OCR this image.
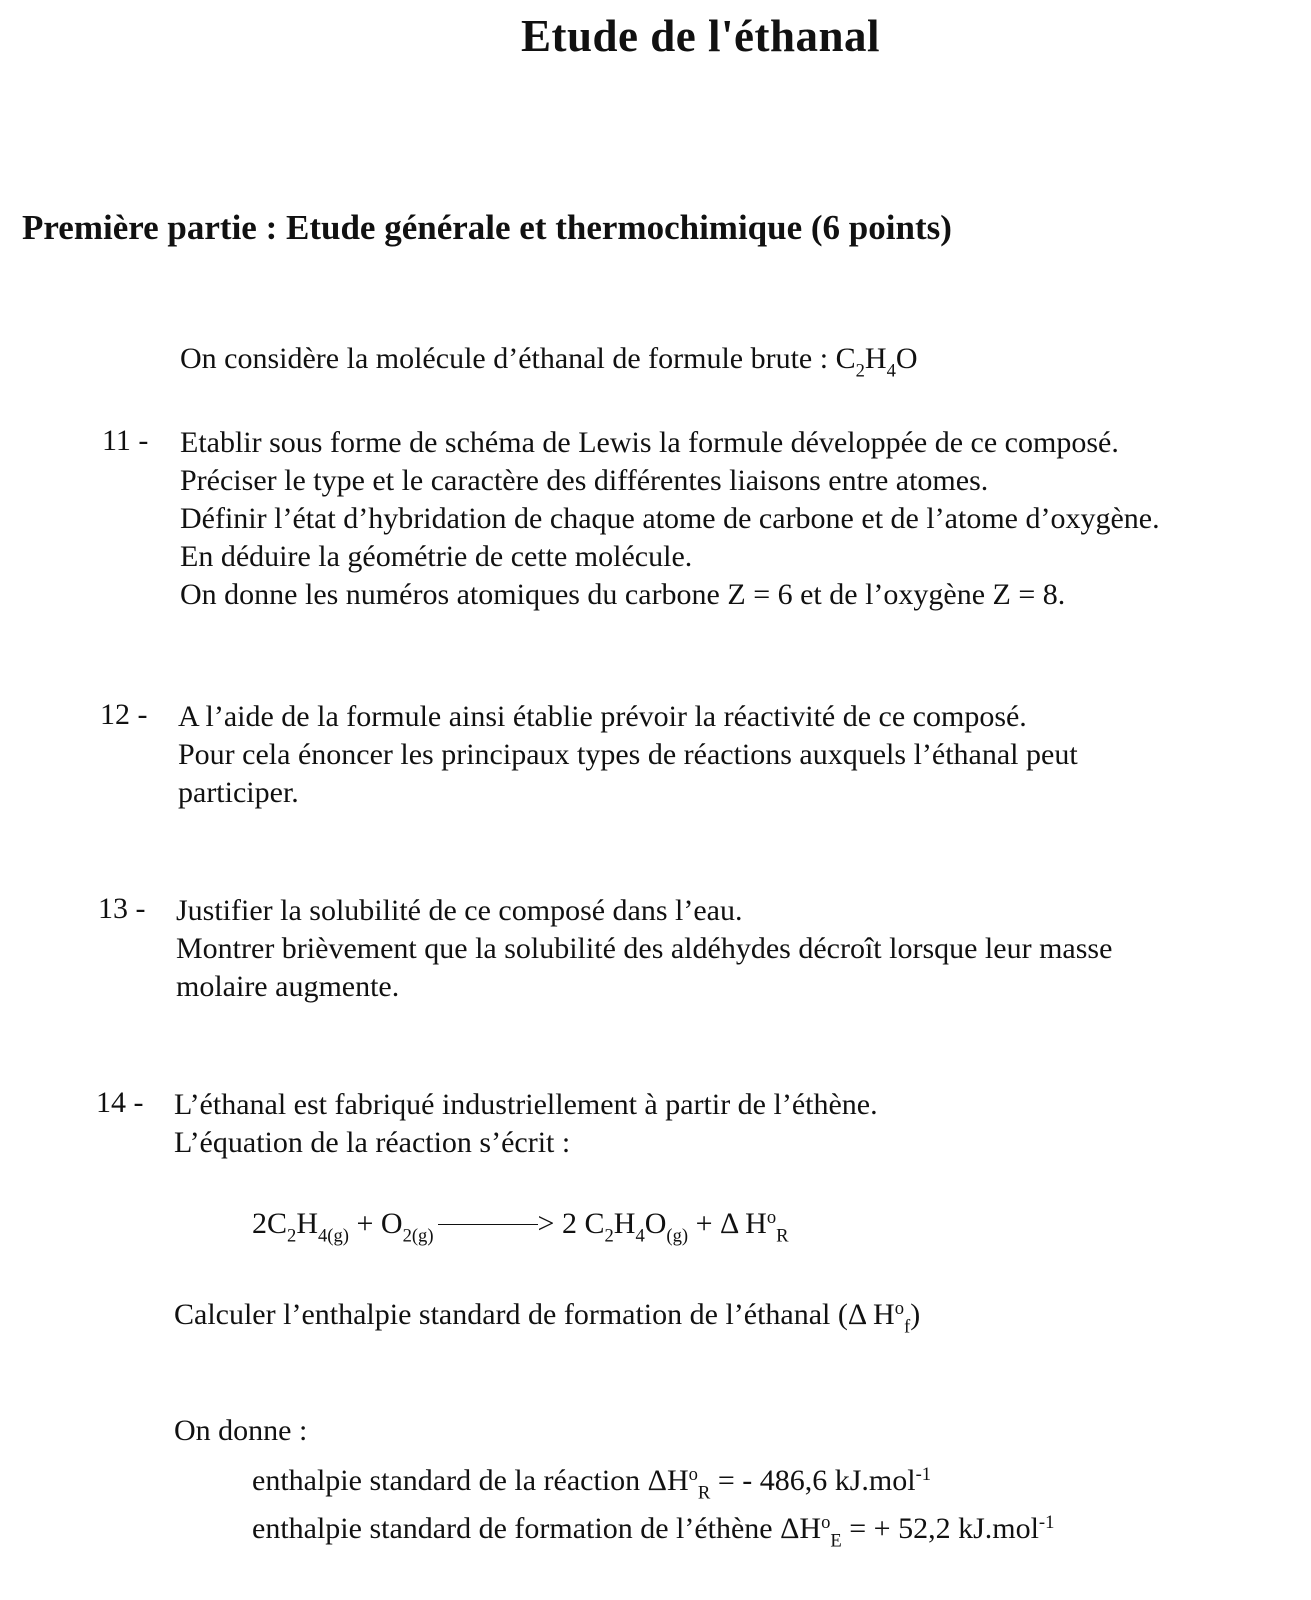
Etude de l'éthanal
Première partie : Etude générale et thermochimique (6 points)
On considère la molécule d’éthanal de formule brute : $C_2H_4O$
11 - Etablir sous forme de schéma de Lewis la formule développée de ce composé.
Préciser le type et le caractère des différentes liaisons entre atomes.
Définir l’état d’hybridation de chaque atome de carbone et de l’atome d’oxygène.
En déduire la géométrie de cette molécule.
On donne les numéros atomiques du carbone Z = 6 et de l’oxygène Z = 8.
12 - A l’aide de la formule ainsi établie prévoir la réactivité de ce composé.
Pour cela énoncer les principaux types de réactions auxquels l’éthanal peut
participer.
13 - Justifier la solubilité de ce composé dans l’eau.
Montrer brièvement que la solubilité des aldéhydes décroît lorsque leur masse
molaire augmente.
14 - L’éthanal est fabriqué industriellement à partir de l’éthène.
L’équation de la réaction s’écrit :
$2C_2H_{4(g)} + O_{2(g)}$	> 2 $C_2H_4O_{(g)} + \Delta$ $H^o_R$
Calculer l’enthalpie standard de formation de l’éthanal (Δ $H^o_f$)
On donne :
enthalpie standard de la réaction $\Delta H^o_R$ = - 486,6 kJ.mol$^{-1}$
enthalpie standard de formation de l’éthène $\Delta H^o_E$ = + 52,2 kJ.mol$^{-1}$
